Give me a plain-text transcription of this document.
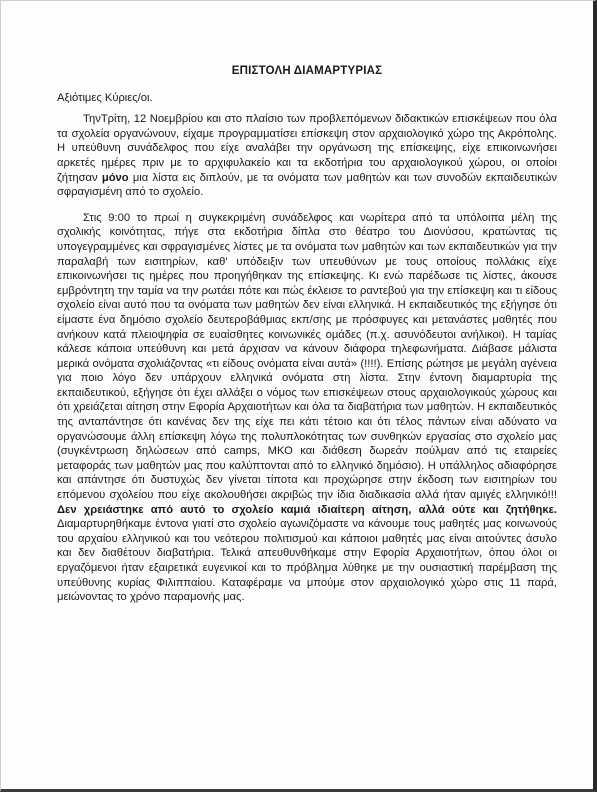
ΕΠΙΣΤΟΛΗ ΔΙΑΜΑΡΤΥΡΙΑΣ
Αξιότιμες Κύριες/οι.

ΤηνΤρίτη, 12 Νοεμβρίου και στο πλαίσιο των προβλεπόμενων διδακτικών επισκέψεων που όλα τα σχολεία οργανώνουν, είχαμε προγραμματίσει επίσκεψη στον αρχαιολογικό χώρο της Ακρόπολης. Η υπεύθυνη συνάδελφος που είχε αναλάβει την οργάνωση της επίσκεψης, είχε επικοινωνήσει αρκετές ημέρες πριν με το αρχιφυλακείο και τα εκδοτήρια του αρχαιολογικού χώρου, οι οποίοι ζήτησαν μόνο μια λίστα εις διπλούν, με τα ονόματα των μαθητών και των συνοδών εκπαιδευτικών σφραγισμένη από το σχολείο.

Στις 9:00 το πρωί η συγκεκριμένη συνάδελφος και νωρίτερα από τα υπόλοιπα μέλη της σχολικής κοινότητας, πήγε στα εκδοτήρια δίπλα στο θέατρο του Διονύσου, κρατώντας τις υπογεγραμμένες και σφραγισμένες λίστες με τα ονόματα των μαθητών και των εκπαιδευτικών για την παραλαβή των εισιτηρίων, καθ' υπόδειξιν των υπευθύνων με τους οποίους πολλάκις είχε επικοινωνήσει τις ημέρες που προηγήθηκαν της επίσκεψης. Κι ενώ παρέδωσε τις λίστες, άκουσε εμβρόντητη την ταμία να την ρωτάει πότε και πώς έκλεισε το ραντεβού για την επίσκεψη και τι είδους σχολείο είναι αυτό που τα ονόματα των μαθητών δεν είναι ελληνικά. Η εκπαιδευτικός της εξήγησε ότι είμαστε ένα δημόσιο σχολείο δευτεροβάθμιας εκπ/σης με πρόσφυγες και μετανάστες μαθητές που ανήκουν κατά πλειοψηφία σε ευαίσθητες κοινωνικές ομάδες (π.χ. ασυνόδευτοι ανήλικοι). Η ταμίας κάλεσε κάποια υπεύθυνη και μετά άρχισαν να κάνουν διάφορα τηλεφωνήματα. Διάβασε μάλιστα μερικά ονόματα σχολιάζοντας «τι είδους ονόματα είναι αυτά» (!!!!). Επίσης ρώτησε με μεγάλη αγένεια για ποιο λόγο δεν υπάρχουν ελληνικά ονόματα στη λίστα. Στην έντονη διαμαρτυρία της εκπαιδευτικού, εξήγησε ότι έχει αλλάξει ο νόμος των επισκέψεων στους αρχαιολογικούς χώρους και ότι χρειάζεται αίτηση στην Εφορία Αρχαιοτήτων και όλα τα διαβατήρια των μαθητών. Η εκπαιδευτικός της ανταπάντησε ότι κανένας δεν της είχε πει κάτι τέτοιο και ότι τέλος πάντων είναι αδύνατο να οργανώσουμε άλλη επίσκεψη λόγω της πολυπλοκότητας των συνθηκών εργασίας στο σχολείο μας (συγκέντρωση δηλώσεων από camps, ΜΚΟ και διάθεση δωρεάν πούλμαν από τις εταιρείες μεταφοράς των μαθητών μας που καλύπτονται από το ελληνικό δημόσιο). Η υπάλληλος αδιαφόρησε και απάντησε ότι δυστυχώς δεν γίνεται τίποτα και προχώρησε στην έκδοση των εισιτηρίων του επόμενου σχολείου που είχε ακολουθήσει ακριβώς την ίδια διαδικασία αλλά ήταν αμιγές ελληνικό!!! Δεν χρειάστηκε από αυτό το σχολείο καμιά ιδιαίτερη αίτηση, αλλά ούτε και ζητήθηκε. Διαμαρτυρηθήκαμε έντονα γιατί στο σχολείο αγωνιζόμαστε να κάνουμε τους μαθητές μας κοινωνούς του αρχαίου ελληνικού και του νεότερου πολιτισμού και κάποιοι μαθητές μας είναι αιτούντες άσυλο και δεν διαθέτουν διαβατήρια. Τελικά απευθυνθήκαμε στην Εφορία Αρχαιοτήτων, όπου όλοι οι εργαζόμενοι ήταν εξαιρετικά ευγενικοί και το πρόβλημα λύθηκε με την ουσιαστική παρέμβαση της υπεύθυνης κυρίας Φιλιππαίου. Καταφέραμε να μπούμε στον αρχαιολογικό χώρο στις 11 παρά, μειώνοντας το χρόνο παραμονής μας.
